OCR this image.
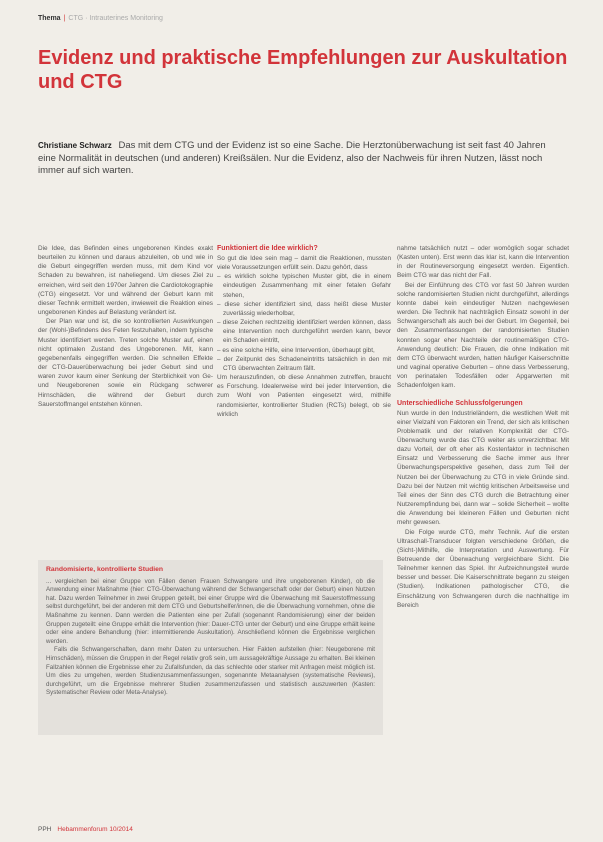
Thema | CTG · Intrauterines Monitoring
Evidenz und praktische Empfehlungen zur Auskultation und CTG
Christiane Schwarz Das mit dem CTG und der Evidenz ist so eine Sache. Die Herztonüberwachung ist seit fast 40 Jahren eine Normalität in deutschen (und anderen) Kreißsälen. Nur die Evidenz, also der Nachweis für ihren Nutzen, lässt noch immer auf sich warten.

Die Idee, das Befinden eines ungeborenen Kindes exakt beurteilen zu können und daraus abzuleiten, ob und wie in die Geburt eingegriffen werden muss, mit dem Kind vor Schaden zu bewahren, ist naheliegend. Um dieses Ziel zu erreichen, wird seit den 1970er Jahren die Cardiotokographie (CTG) eingesetzt. Vor und während der Geburt kann mit dieser Technik ermittelt werden, inwieweit die Reaktion eines ungeborenen Kindes auf Belastung verändert ist.

Der Plan war und ist, die so kontrollierten Auswirkungen der (Wohl-)Befindens des Feten festzuhalten, indem typische Muster identifiziert werden. Treten solche Muster auf, einen nicht optimalen Zustand des Ungeborenen. Mit, kann gegebenenfalls eingegriffen werden. Die schnellen Effekte der CTG-Dauerüberwachung bei jeder Geburt sind und waren zuvor kaum einer Senkung der Sterblichkeit von Ge- und Neugeborenen sowie ein Rückgang schwerer Hirnschäden, die während der Geburt durch Sauerstoffmangel entstehen können.

Funktioniert die Idee wirklich?

So gut die Idee sein mag – damit die Reaktionen, mussten viele Voraussetzungen erfüllt sein. Dazu gehört, dass

– es wirklich solche typischen Muster gibt, die in einem eindeutigen Zusammenhang mit einer fetalen Gefahr stehen,
– diese sicher identifiziert sind, dass heißt diese Muster zuverlässig wiederholbar,
– diese Zeichen rechtzeitig identifiziert werden können, dass eine Intervention noch durchgeführt werden kann, bevor ein Schaden eintritt,
– es eine solche Hilfe, eine Intervention, überhaupt gibt,
– der Zeitpunkt des Schadeneintritts tatsächlich in den mit CTG überwachten Zeitraum fällt.

Um herauszufinden, ob diese Annahmen zutreffen, braucht es Forschung. Idealerweise wird bei jeder Intervention, die zum Wohl von Patienten eingesetzt wird, mithilfe randomisierter, kontrollierter Studien (RCTs) belegt, ob sie wirklich

nahme tatsächlich nutzt – oder womöglich sogar schadet (Kasten unten). Erst wenn das klar ist, kann die Intervention in der Routineversorgung eingesetzt werden. Eigentlich. Beim CTG war das nicht der Fall.

Bei der Einführung des CTG vor fast 50 Jahren wurden solche randomisierten Studien nicht durchgeführt, allerdings konnte dabei kein eindeutiger Nutzen nachgewiesen werden. Die Technik hat nachträglich Einsatz sowohl in der Schwangerschaft als auch bei der Geburt. Im Gegenteil, bei den Zusammenfassungen der randomisierten Studien konnten sogar eher Nachteile der routinemäßigen CTG-Anwendung deutlich: Die Frauen, die ohne Indikation mit dem CTG überwacht wurden, hatten häufiger Kaiserschnitte und vaginal operative Geburten – ohne dass Verbesserung, von perinatalen Todesfällen oder Apgarwerten mit Schadenfolgen kam.

Unterschiedliche Schlussfolgerungen

Nun wurde in den Industrieländern, die westlichen Welt mit einer Vielzahl von Faktoren ein Trend, der sich als kritischen Problematik und der relativen Komplexität der CTG-Überwachung wurde das CTG weiter als unverzichtbar. Mit dazu Vorteil, der oft eher als Kostenfaktor in technischen Einsatz und Verbesserung die Sache immer aus Ihrer Überwachungsperspektive gesehen, dass zum Teil der Nutzen bei der Überwachung zu CTG in viele Gründe sind. Dazu bei der Nutzen mit wichtig kritischen Arbeitsweise und Teil eines der Sinn des CTG durch die Betrachtung einer Nutzerempfindung bei, dann war – solide Sicherheit – wollte die Anwendung bei kleineren Fällen und Geburten nicht mehr gewesen.

Die Folge wurde CTG, mehr Technik. Auf die ersten Ultraschall-Transducer folgten verschiedene Größen, die (Sicht-)Mithilfe, die Interpretation und Auswertung. Für Betreuende der Überwachung vergleichbare Sicht. Die Teilnehmer kennen das Spiel. Ihr Aufzeichnungsteil wurde besser und besser. Die Kaiserschnittrate begann zu steigen (Studien). Indikationen pathologischer CTG, die Einschätzung von Schwangeren durch die nachhaltige im Bereich

Randomisierte, kontrollierte Studien

... vergleichen bei einer Gruppe von Fällen denen Frauen Schwangere und ihre ungeborenen Kinder), ob die Anwendung einer Maßnahme (hier: CTG-Überwachung während der Schwangerschaft oder der Geburt) einen Nutzen hat. Dazu werden Teilnehmer in zwei Gruppen geteilt, bei einer Gruppe wird die Überwachung mit Sauerstoffmessung selbst durchgeführt, bei der anderen mit dem CTG und Geburtshelfer/innen, die die Überwachung vornehmen, ohne die Maßnahme zu kennen. Dann werden die Patienten eine per Zufall (sogenannt Randomisierung) einer der beiden Gruppen zugeteilt: eine Gruppe erhält die Intervention (hier: Dauer-CTG unter der Geburt) und eine Gruppe erhält keine oder eine andere Behandlung (hier: intermittierende Auskultation). Anschließend können die Ergebnisse verglichen werden.

Falls die Schwangerschaften, dann mehr Daten zu untersuchen. Hier Fakten aufstellen (hier: Neugeborene mit Hirnschäden), müssen die Gruppen in der Regel relativ groß sein, um aussagekräftige Aussage zu erhalten. Bei kleinen Fallzahlen können die Ergebnisse eher zu Zufallsfunden, da das schlechte oder starker mit Anfragen meist möglich ist. Um dies zu umgehen, werden Studienzusammenfassungen, sogenannte Metaanalysen (systematische Reviews), durchgeführt, um die Ergebnisse mehrerer Studien zusammenzufassen und statistisch auszuwerten (Kasten: Systematischer Review oder Meta-Analyse).

PPH Hebammenforum 10/2014
